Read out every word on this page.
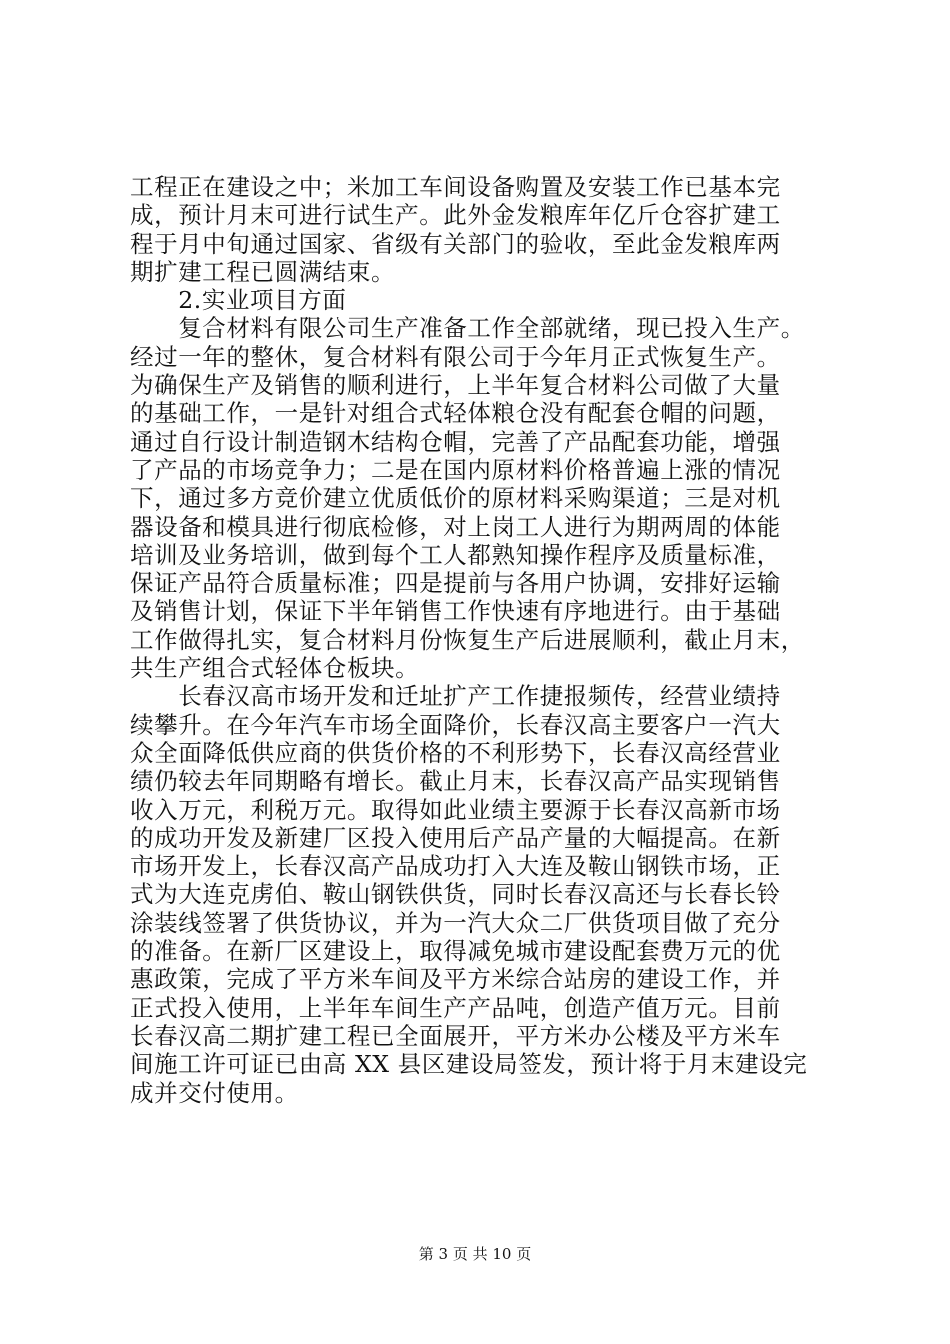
工程正在建设之中；米加工车间设备购置及安装工作已基本完
成，预计月末可进行试生产。此外金发粮库年亿斤仓容扩建工
程于月中旬通过国家、省级有关部门的验收，至此金发粮库两
期扩建工程已圆满结束。
　　2.实业项目方面
　　复合材料有限公司生产准备工作全部就绪，现已投入生产。
经过一年的整休，复合材料有限公司于今年月正式恢复生产。
为确保生产及销售的顺利进行，上半年复合材料公司做了大量
的基础工作，一是针对组合式轻体粮仓没有配套仓帽的问题，
通过自行设计制造钢木结构仓帽，完善了产品配套功能，增强
了产品的市场竞争力；二是在国内原材料价格普遍上涨的情况
下，通过多方竞价建立优质低价的原材料采购渠道；三是对机
器设备和模具进行彻底检修，对上岗工人进行为期两周的体能
培训及业务培训，做到每个工人都熟知操作程序及质量标准，
保证产品符合质量标准；四是提前与各用户协调，安排好运输
及销售计划，保证下半年销售工作快速有序地进行。由于基础
工作做得扎实，复合材料月份恢复生产后进展顺利，截止月末，
共生产组合式轻体仓板块。
　　长春汉高市场开发和迁址扩产工作捷报频传，经营业绩持
续攀升。在今年汽车市场全面降价，长春汉高主要客户一汽大
众全面降低供应商的供货价格的不利形势下，长春汉高经营业
绩仍较去年同期略有增长。截止月末，长春汉高产品实现销售
收入万元，利税万元。取得如此业绩主要源于长春汉高新市场
的成功开发及新建厂区投入使用后产品产量的大幅提高。在新
市场开发上，长春汉高产品成功打入大连及鞍山钢铁市场，正
式为大连克虏伯、鞍山钢铁供货，同时长春汉高还与长春长铃
涂装线签署了供货协议，并为一汽大众二厂供货项目做了充分
的准备。在新厂区建设上，取得减免城市建设配套费万元的优
惠政策，完成了平方米车间及平方米综合站房的建设工作，并
正式投入使用，上半年车间生产产品吨，创造产值万元。目前
长春汉高二期扩建工程已全面展开，平方米办公楼及平方米车
间施工许可证已由高 XX 县区建设局签发，预计将于月末建设完
成并交付使用。
第 3 页 共 10 页
